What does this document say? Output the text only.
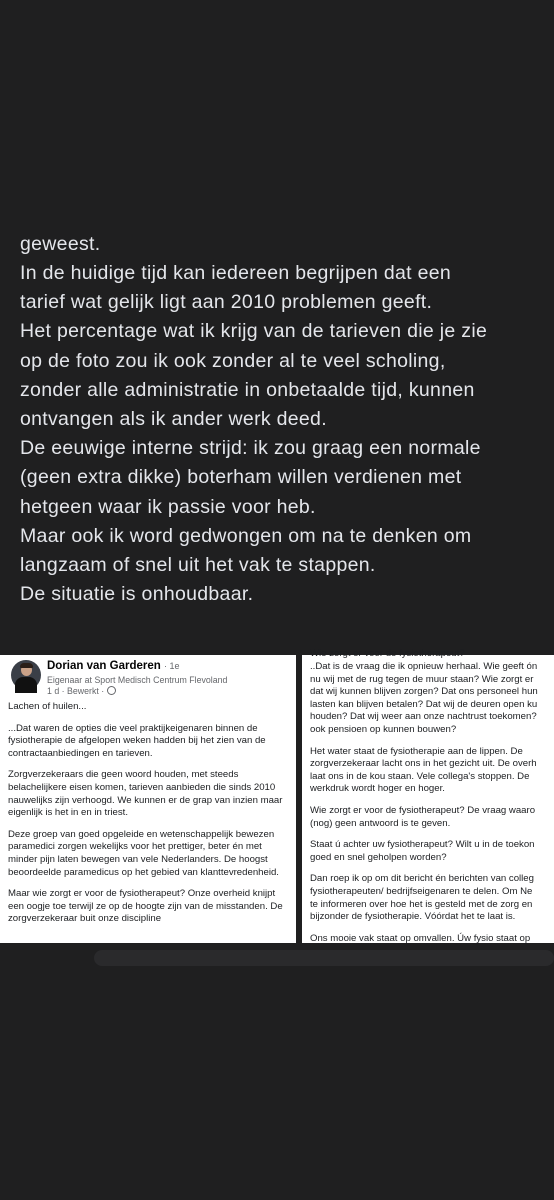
geweest.
In de huidige tijd kan iedereen begrijpen dat een
tarief wat gelijk ligt aan 2010 problemen geeft.
Het percentage wat ik krijg van de tarieven die je zie
op de foto zou ik ook zonder al te veel scholing,
zonder alle administratie in onbetaalde tijd, kunnen
ontvangen als ik ander werk deed.
De eeuwige interne strijd: ik zou graag een normale
(geen extra dikke) boterham willen verdienen met
hetgeen waar ik passie voor heb.
Maar ook ik word gedwongen om na te denken om
langzaam of snel uit het vak te stappen.
De situatie is onhoudbaar.
Dorian van Garderen · 1e
Eigenaar at Sport Medisch Centrum Flevoland
1 d · Bewerkt ·

Lachen of huilen...

...Dat waren de opties die veel praktijkeigenaren binnen de fysiotherapie de afgelopen weken hadden bij het zien van de contractaanbiedingen en tarieven.

Zorgverzekeraars die geen woord houden, met steeds belachelijkere eisen komen, tarieven aanbieden die sinds 2010 nauwelijks zijn verhoogd. We kunnen er de grap van inzien maar eigenlijk is het in en in triest.

Deze groep van goed opgeleide en wetenschappelijk bewezen paramedici zorgen wekelijks voor het prettiger, beter én met minder pijn laten bewegen van vele Nederlanders. De hoogst beoordeelde paramedicus op het gebied van klanttevredenheid.

Maar wie zorgt er voor de fysiotherapeut? Onze overheid knijpt een oogje toe terwijl ze op de hoogte zijn van de misstanden. De zorgverzekeraar buit onze discipline

Wie zorgt er voor de fysiotherapeut?
..Dat is de vraag die ik opnieuw herhaal. Wie geeft ón
nu wij met de rug tegen de muur staan? Wie zorgt er
dat wij kunnen blijven zorgen? Dat ons personeel hun
lasten kan blijven betalen? Dat wij de deuren open ku
houden? Dat wij weer aan onze nachtrust toekomen?
ook pensioen op kunnen bouwen?
Het water staat de fysiotherapie aan de lippen. De
zorgverzekeraar lacht ons in het gezicht uit. De overh
laat ons in de kou staan. Vele collega's stoppen. De
werkdruk wordt hoger en hoger.
Wie zorgt er voor de fysiotherapeut? De vraag waaro
(nog) geen antwoord is te geven.
Staat ú achter uw fysiotherapeut? Wilt u in de toekon
goed en snel geholpen worden?
Dan roep ik op om dit bericht én berichten van colleg
fysiotherapeuten/ bedrijfseigenaren te delen. Om Ne
te informeren over hoe het is gesteld met de zorg en
bijzonder de fysiotherapie. Vóórdat het te laat is.
Ons mooie vak staat op omvallen. Úw fysio staat op
